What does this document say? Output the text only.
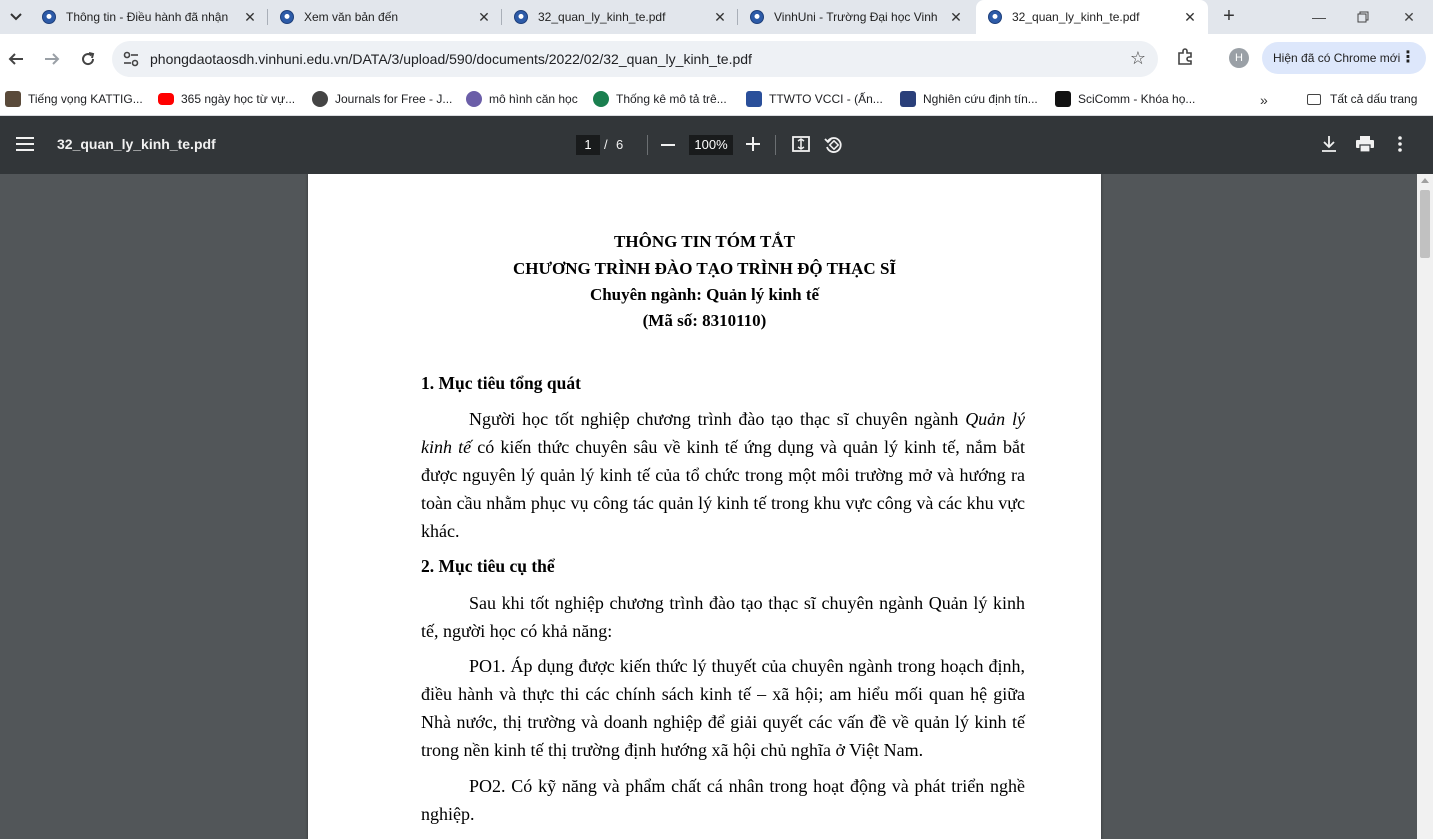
Thông tin - Điều hành đã nhận	✕	Xem văn bản đến	✕	32_quan_ly_kinh_te.pdf	✕	VinhUni - Trường Đại học Vinh ✕	32_quan_ly_kinh_te.pdf	✕ +	—	✕
phongdaotaosdh.vinhuni.edu.vn/DATA/3/upload/590/documents/2022/02/32_quan_ly_kinh_te.pdf	☆	H	Hiện đã có Chrome mới ⋮
Tiếng vọng KATTIG...	365 ngày học từ vự...	Journals for Free - J...	mô hình căn học	Thống kê mô tả trê...	TTWTO VCCI - (Ấn...	Nghiên cứu định tín...	SciComm - Khóa họ...	»	Tất cả dấu trang
32_quan_ly_kinh_te.pdf
1	/ 6
100%
THÔNG TIN TÓM TẮT
CHƯƠNG TRÌNH ĐÀO TẠO TRÌNH ĐỘ THẠC SĨ
Chuyên ngành: Quản lý kinh tế
(Mã số: 8310110)
1. Mục tiêu tổng quát

Người học tốt nghiệp chương trình đào tạo thạc sĩ chuyên ngành Quản lý kinh tế có kiến thức chuyên sâu về kinh tế ứng dụng và quản lý kinh tế, nắm bắt được nguyên lý quản lý kinh tế của tổ chức trong một môi trường mở và hướng ra toàn cầu nhằm phục vụ công tác quản lý kinh tế trong khu vực công và các khu vực khác.

2. Mục tiêu cụ thể

Sau khi tốt nghiệp chương trình đào tạo thạc sĩ chuyên ngành Quản lý kinh tế, người học có khả năng:

PO1. Áp dụng được kiến thức lý thuyết của chuyên ngành trong hoạch định, điều hành và thực thi các chính sách kinh tế – xã hội; am hiểu mối quan hệ giữa Nhà nước, thị trường và doanh nghiệp để giải quyết các vấn đề về quản lý kinh tế trong nền kinh tế thị trường định hướng xã hội chủ nghĩa ở Việt Nam.

PO2. Có kỹ năng và phẩm chất cá nhân trong hoạt động và phát triển nghề nghiệp.
